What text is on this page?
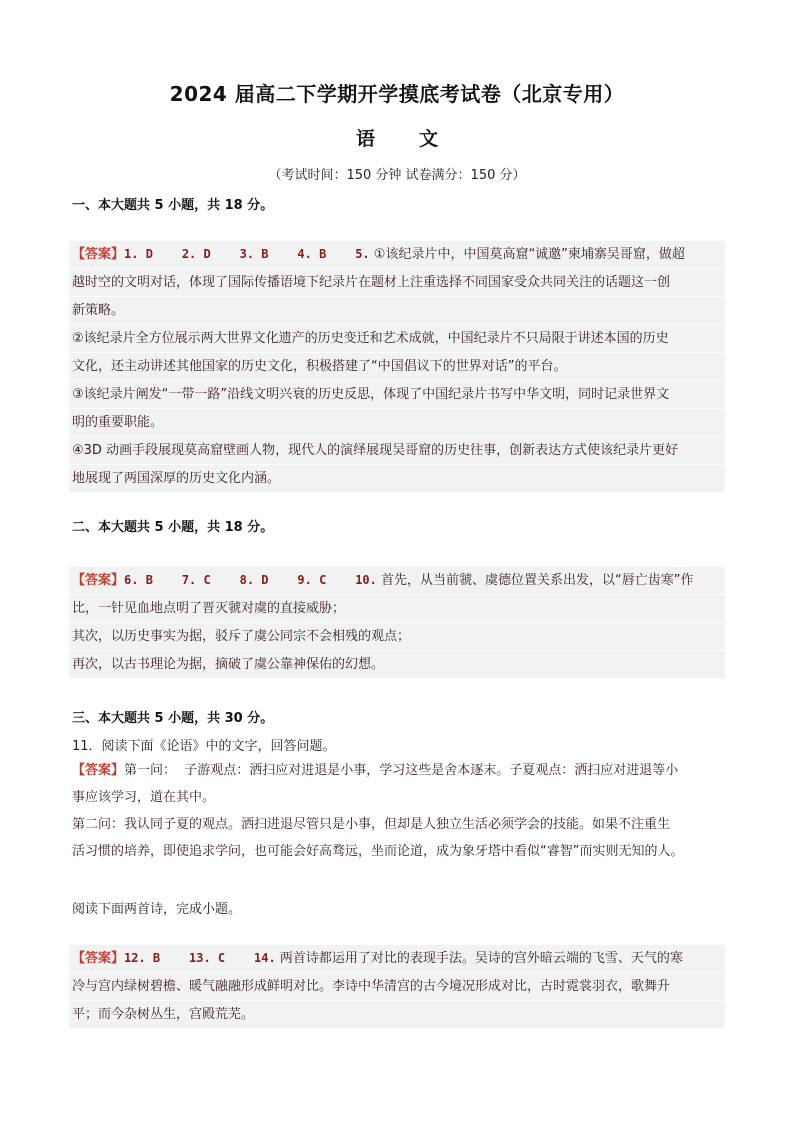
2024 届高二下学期开学摸底考试卷（北京专用）
语 文
（考试时间：150 分钟 试卷满分：150 分）
一、本大题共 5 小题，共 18 分。
【答案】1. D    2. D    3. B    4. B    5. ①该纪录片中，中国莫高窟“诚邀”柬埔寨吴哥窟，做超
越时空的文明对话，体现了国际传播语境下纪录片在题材上注重选择不同国家受众共同关注的话题这一创
新策略。
②该纪录片全方位展示两大世界文化遗产的历史变迁和艺术成就，中国纪录片不只局限于讲述本国的历史
文化，还主动讲述其他国家的历史文化，积极搭建了“中国倡议下的世界对话”的平台。
③该纪录片阐发“一带一路”沿线文明兴衰的历史反思，体现了中国纪录片书写中华文明，同时记录世界文
明的重要职能。
④3D 动画手段展现莫高窟壁画人物，现代人的演绎展现吴哥窟的历史往事，创新表达方式使该纪录片更好
地展现了两国深厚的历史文化内涵。
二、本大题共 5 小题，共 18 分。
【答案】6. B    7. C    8. D    9. C    10. 首先，从当前虢、虞德位置关系出发，以“唇亡齿寒”作
比，一针见血地点明了晋灭虢对虞的直接威胁；
其次，以历史事实为据，驳斥了虞公同宗不会相残的观点；
再次，以古书理论为据，摘破了虞公靠神保佑的幻想。
三、本大题共 5 小题，共 30 分。
11．阅读下面《论语》中的文字，回答问题。
【答案】第一问：  子游观点：洒扫应对进退是小事，学习这些是舍本逐末。子夏观点：洒扫应对进退等小
事应该学习，道在其中。
第二问：我认同子夏的观点。洒扫进退尽管只是小事，但却是人独立生活必须学会的技能。如果不注重生
活习惯的培养，即使追求学问，也可能会好高骛远，坐而论道，成为象牙塔中看似“睿智”而实则无知的人。
阅读下面两首诗，完成小题。
【答案】12. B    13. C    14. 两首诗都运用了对比的表现手法。吴诗的宫外暗云端的飞雪、天气的寒
冷与宫内绿树碧檐、暖气融融形成鲜明对比。李诗中华清宫的古今境况形成对比，古时霓裳羽衣，歌舞升
平；而今杂树丛生，宫殿荒芜。
